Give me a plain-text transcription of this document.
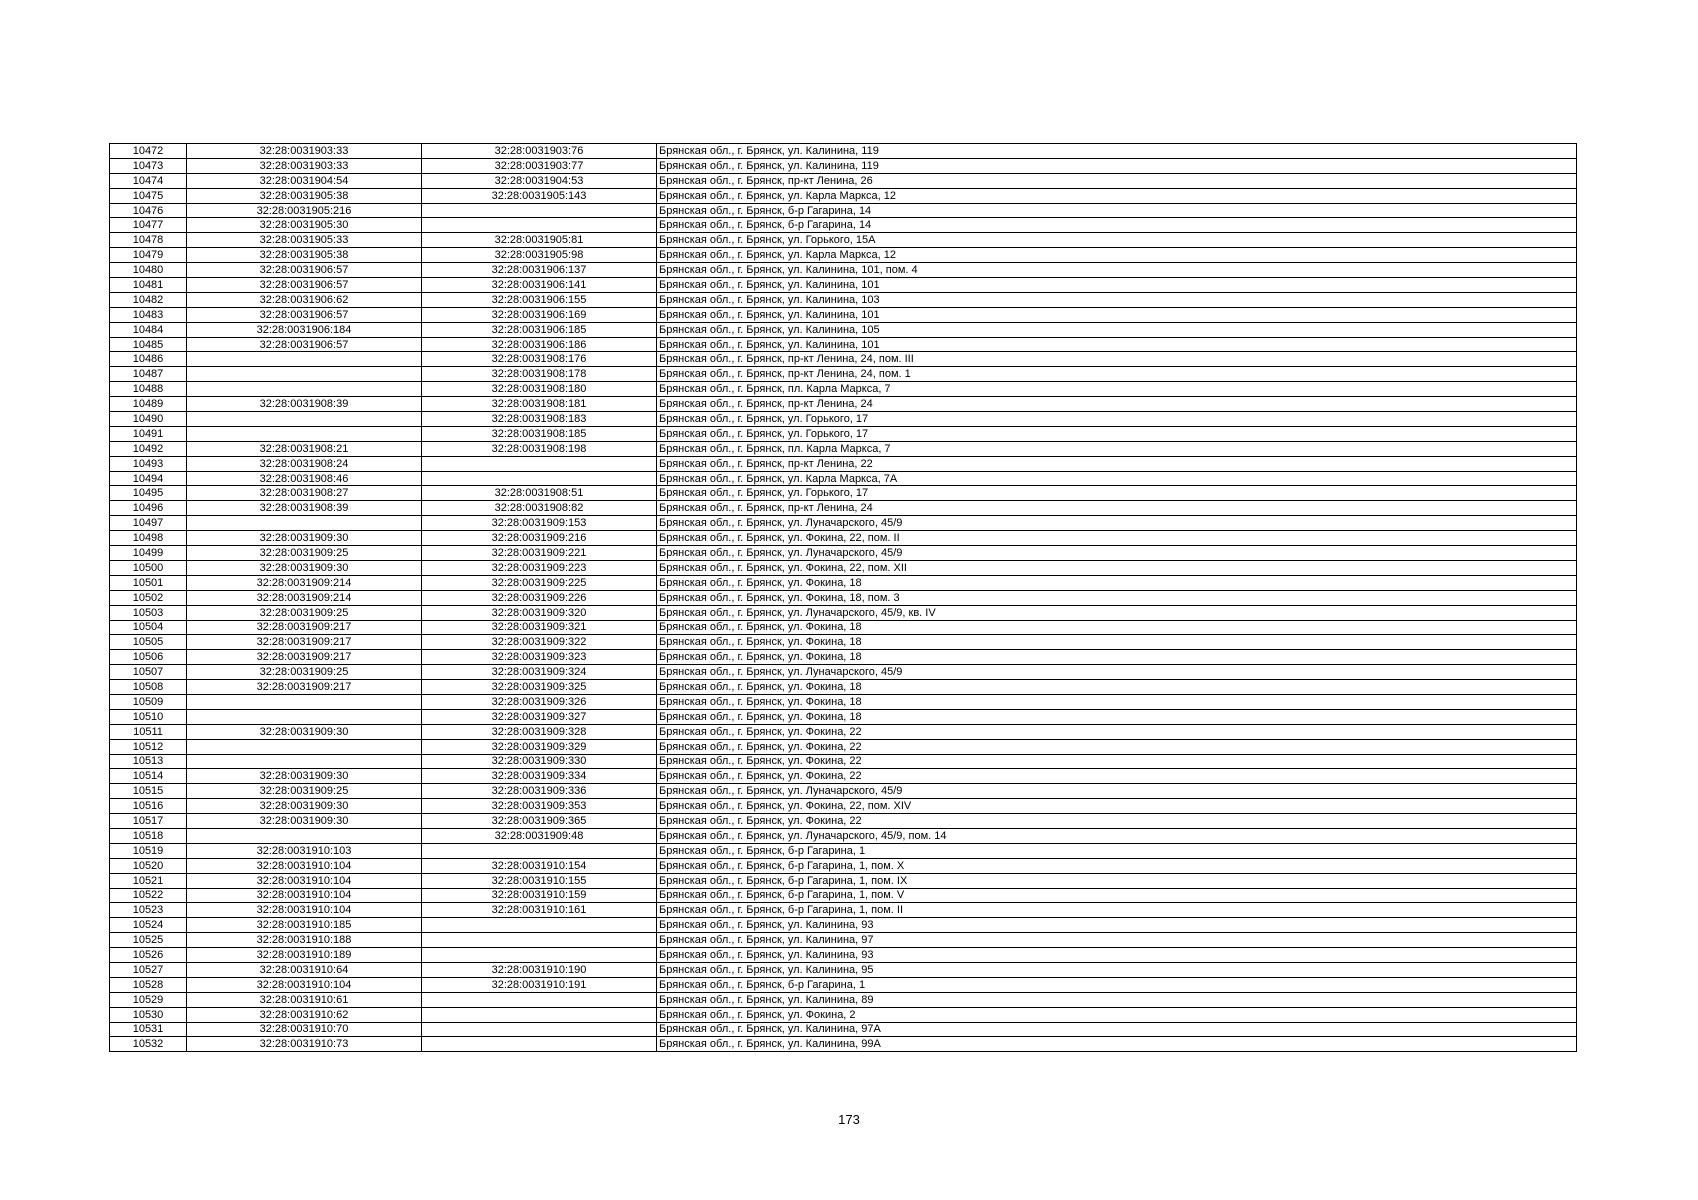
10472	32:28:0031903:33	32:28:0031903:76	Брянская обл., г. Брянск, ул. Калинина, 119
10473	32:28:0031903:33	32:28:0031903:77	Брянская обл., г. Брянск, ул. Калинина, 119
10474	32:28:0031904:54	32:28:0031904:53	Брянская обл., г. Брянск, пр-кт Ленина, 26
10475	32:28:0031905:38	32:28:0031905:143	Брянская обл., г. Брянск, ул. Карла Маркса, 12
10476	32:28:0031905:216		Брянская обл., г. Брянск, б-р Гагарина, 14
10477	32:28:0031905:30		Брянская обл., г. Брянск, б-р Гагарина, 14
10478	32:28:0031905:33	32:28:0031905:81	Брянская обл., г. Брянск, ул. Горького, 15А
10479	32:28:0031905:38	32:28:0031905:98	Брянская обл., г. Брянск, ул. Карла Маркса, 12
10480	32:28:0031906:57	32:28:0031906:137	Брянская обл., г. Брянск, ул. Калинина, 101, пом. 4
10481	32:28:0031906:57	32:28:0031906:141	Брянская обл., г. Брянск, ул. Калинина, 101
10482	32:28:0031906:62	32:28:0031906:155	Брянская обл., г. Брянск, ул. Калинина, 103
10483	32:28:0031906:57	32:28:0031906:169	Брянская обл., г. Брянск, ул. Калинина, 101
10484	32:28:0031906:184	32:28:0031906:185	Брянская обл., г. Брянск, ул. Калинина, 105
10485	32:28:0031906:57	32:28:0031906:186	Брянская обл., г. Брянск, ул. Калинина, 101
10486		32:28:0031908:176	Брянская обл., г. Брянск, пр-кт Ленина, 24, пом. III
10487		32:28:0031908:178	Брянская обл., г. Брянск, пр-кт Ленина, 24, пом. 1
10488		32:28:0031908:180	Брянская обл., г. Брянск, пл. Карла Маркса, 7
10489	32:28:0031908:39	32:28:0031908:181	Брянская обл., г. Брянск, пр-кт Ленина, 24
10490		32:28:0031908:183	Брянская обл., г. Брянск, ул. Горького, 17
10491		32:28:0031908:185	Брянская обл., г. Брянск, ул. Горького, 17
10492	32:28:0031908:21	32:28:0031908:198	Брянская обл., г. Брянск, пл. Карла Маркса, 7
10493	32:28:0031908:24		Брянская обл., г. Брянск, пр-кт Ленина, 22
10494	32:28:0031908:46		Брянская обл., г. Брянск, ул. Карла Маркса, 7А
10495	32:28:0031908:27	32:28:0031908:51	Брянская обл., г. Брянск, ул. Горького, 17
10496	32:28:0031908:39	32:28:0031908:82	Брянская обл., г. Брянск, пр-кт Ленина, 24
10497		32:28:0031909:153	Брянская обл., г. Брянск, ул. Луначарского, 45/9
10498	32:28:0031909:30	32:28:0031909:216	Брянская обл., г. Брянск, ул. Фокина, 22, пом. II
10499	32:28:0031909:25	32:28:0031909:221	Брянская обл., г. Брянск, ул. Луначарского, 45/9
10500	32:28:0031909:30	32:28:0031909:223	Брянская обл., г. Брянск, ул. Фокина, 22, пом. XII
10501	32:28:0031909:214	32:28:0031909:225	Брянская обл., г. Брянск, ул. Фокина, 18
10502	32:28:0031909:214	32:28:0031909:226	Брянская обл., г. Брянск, ул. Фокина, 18, пом. 3
10503	32:28:0031909:25	32:28:0031909:320	Брянская обл., г. Брянск, ул. Луначарского, 45/9, кв. IV
10504	32:28:0031909:217	32:28:0031909:321	Брянская обл., г. Брянск, ул. Фокина, 18
10505	32:28:0031909:217	32:28:0031909:322	Брянская обл., г. Брянск, ул. Фокина, 18
10506	32:28:0031909:217	32:28:0031909:323	Брянская обл., г. Брянск, ул. Фокина, 18
10507	32:28:0031909:25	32:28:0031909:324	Брянская обл., г. Брянск, ул. Луначарского, 45/9
10508	32:28:0031909:217	32:28:0031909:325	Брянская обл., г. Брянск, ул. Фокина, 18
10509		32:28:0031909:326	Брянская обл., г. Брянск, ул. Фокина, 18
10510		32:28:0031909:327	Брянская обл., г. Брянск, ул. Фокина, 18
10511	32:28:0031909:30	32:28:0031909:328	Брянская обл., г. Брянск, ул. Фокина, 22
10512		32:28:0031909:329	Брянская обл., г. Брянск, ул. Фокина, 22
10513		32:28:0031909:330	Брянская обл., г. Брянск, ул. Фокина, 22
10514	32:28:0031909:30	32:28:0031909:334	Брянская обл., г. Брянск, ул. Фокина, 22
10515	32:28:0031909:25	32:28:0031909:336	Брянская обл., г. Брянск, ул. Луначарского, 45/9
10516	32:28:0031909:30	32:28:0031909:353	Брянская обл., г. Брянск, ул. Фокина, 22, пом. XIV
10517	32:28:0031909:30	32:28:0031909:365	Брянская обл., г. Брянск, ул. Фокина, 22
10518		32:28:0031909:48	Брянская обл., г. Брянск, ул. Луначарского, 45/9, пом. 14
10519	32:28:0031910:103		Брянская обл., г. Брянск, б-р Гагарина, 1
10520	32:28:0031910:104	32:28:0031910:154	Брянская обл., г. Брянск, б-р Гагарина, 1, пом. X
10521	32:28:0031910:104	32:28:0031910:155	Брянская обл., г. Брянск, б-р Гагарина, 1, пом. IX
10522	32:28:0031910:104	32:28:0031910:159	Брянская обл., г. Брянск, б-р Гагарина, 1, пом. V
10523	32:28:0031910:104	32:28:0031910:161	Брянская обл., г. Брянск, б-р Гагарина, 1, пом. II
10524	32:28:0031910:185		Брянская обл., г. Брянск, ул. Калинина, 93
10525	32:28:0031910:188		Брянская обл., г. Брянск, ул. Калинина, 97
10526	32:28:0031910:189		Брянская обл., г. Брянск, ул. Калинина, 93
10527	32:28:0031910:64	32:28:0031910:190	Брянская обл., г. Брянск, ул. Калинина, 95
10528	32:28:0031910:104	32:28:0031910:191	Брянская обл., г. Брянск, б-р Гагарина, 1
10529	32:28:0031910:61		Брянская обл., г. Брянск, ул. Калинина, 89
10530	32:28:0031910:62		Брянская обл., г. Брянск, ул. Фокина, 2
10531	32:28:0031910:70		Брянская обл., г. Брянск, ул. Калинина, 97А
10532	32:28:0031910:73		Брянская обл., г. Брянск, ул. Калинина, 99А
173
